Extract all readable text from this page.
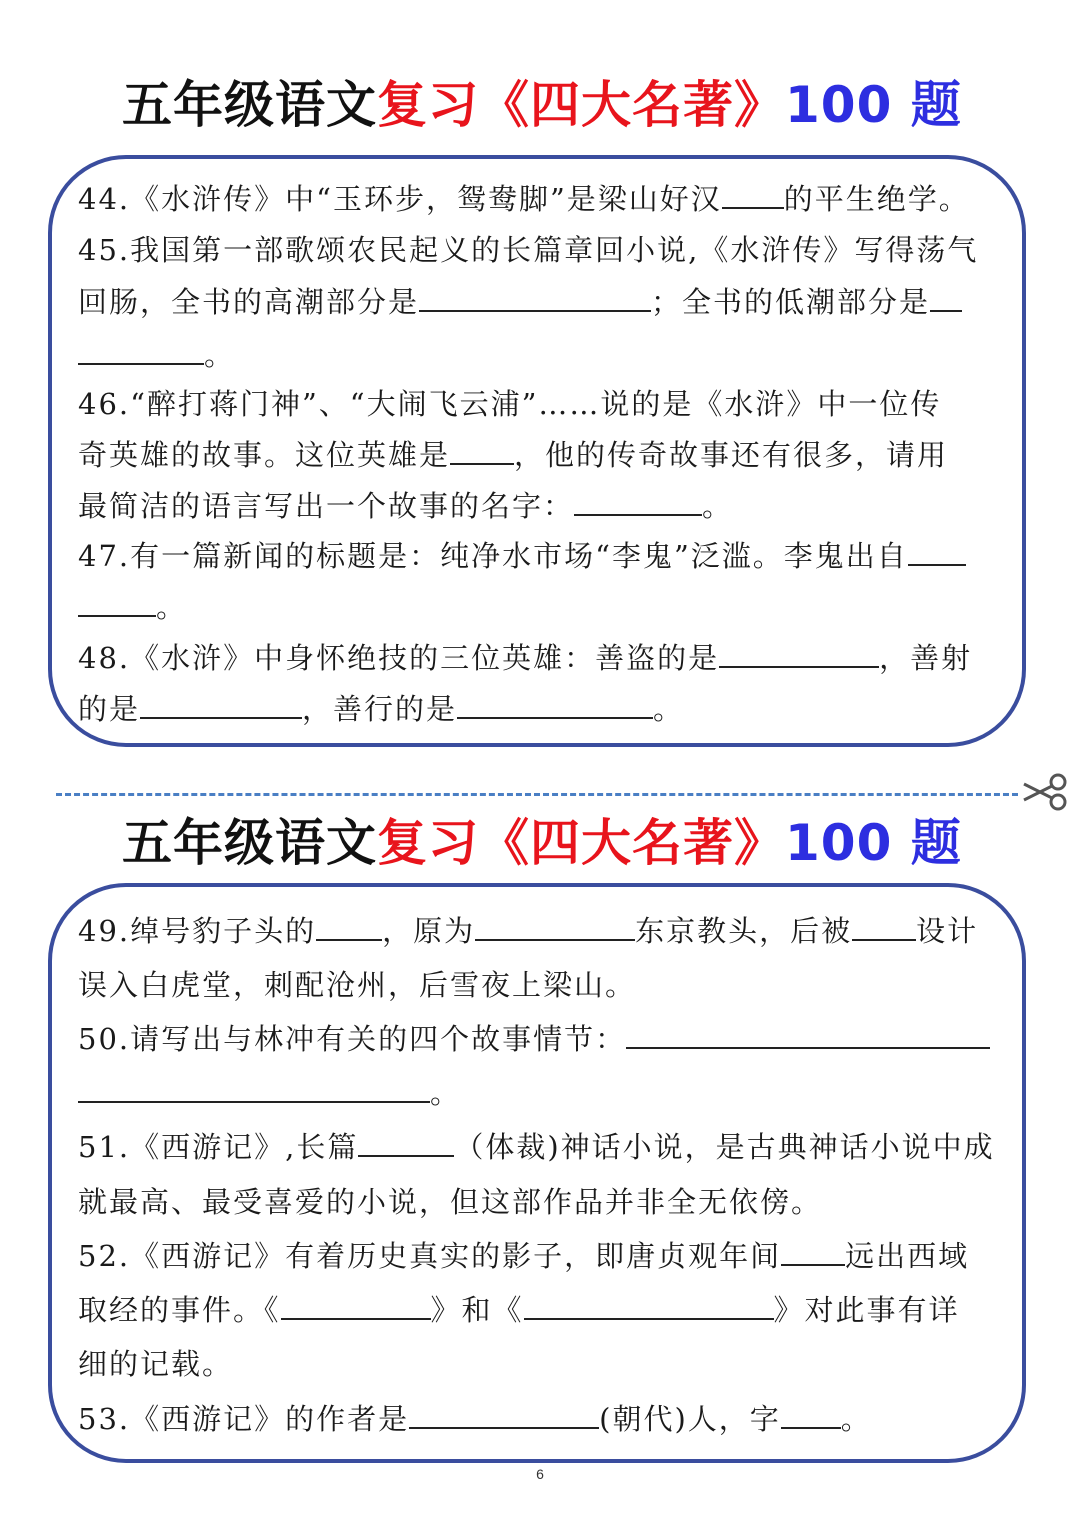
五年级语文复习《四大名著》100 题
44.《水浒传》中“玉环步，鸳鸯脚”是梁山好汉 的平生绝学。
45.我国第一部歌颂农民起义的长篇章回小说,《水浒传》写得荡气
回肠，全书的高潮部分是	；全书的低潮部分是
。
46.“醉打蒋门神”、“大闹飞云浦”……说的是《水浒》中一位传
奇英雄的故事。这位英雄是 ，他的传奇故事还有很多，请用
最简洁的语言写出一个故事的名字：	。
47.有一篇新闻的标题是：纯净水市场“李鬼”泛滥。李鬼出自
。
48.《水浒》中身怀绝技的三位英雄：善盗的是	，善射
的是	，善行的是	。
五年级语文复习《四大名著》100 题
49.绰号豹子头的 ，原为	东京教头，后被 设计
误入白虎堂，刺配沧州，后雪夜上梁山。
50.请写出与林冲有关的四个故事情节：
。
51.《西游记》,长篇	（体裁)神话小说，是古典神话小说中成
就最高、最受喜爱的小说，但这部作品并非全无依傍。
52.《西游记》有着历史真实的影子，即唐贞观年间 远出西域
取经的事件。《	》和《	》对此事有详
细的记载。
53.《西游记》的作者是	(朝代)人，字 。
6
